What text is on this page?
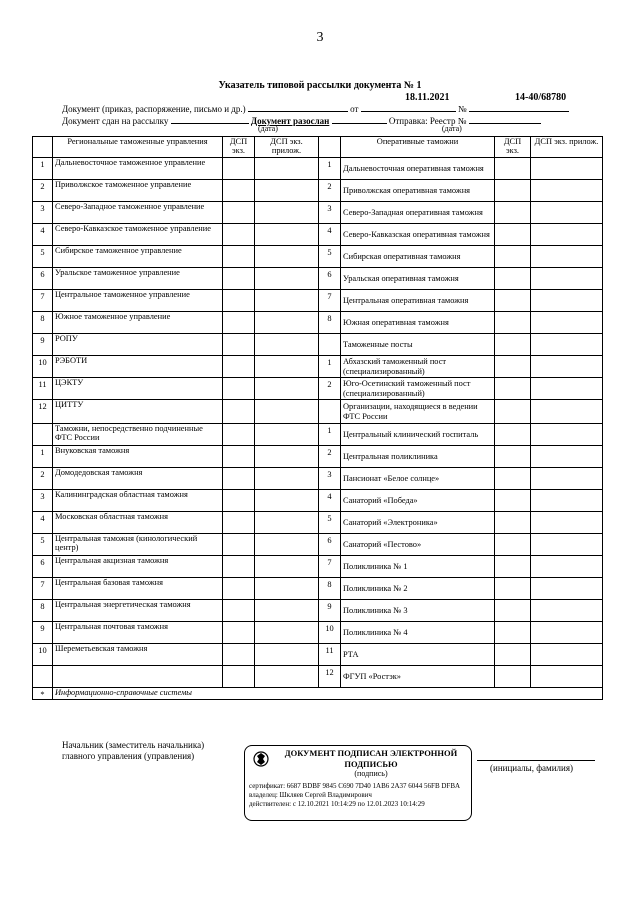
3
Указатель типовой рассылки документа № 1
18.11.2021	14-40/68780
Документ (приказ, распоряжение, письмо и др.)	от	№
Документ сдан на рассылку	Документ разослан	Отправка: Реестр №
(дата)	(дата)
	Региональные таможенные управления	ДСП экз.	ДСП экз. прилож.		Оперативные таможни	ДСП экз.	ДСП экз. прилож.
1	Дальневосточное таможенное управление			1	Дальневосточная оперативная таможня		
2	Приволжское таможенное управление			2	Приволжская оперативная таможня		
3	Северо-Западное таможенное управление			3	Северо-Западная оперативная таможня		
4	Северо-Кавказское таможенное управление			4	Северо-Кавказская оперативная таможня		
5	Сибирское таможенное управление			5	Сибирская оперативная таможня		
6	Уральское таможенное управление			6	Уральская оперативная таможня		
7	Центральное таможенное управление			7	Центральная оперативная таможня		
8	Южное таможенное управление			8	Южная оперативная таможня		
9	РОПУ				Таможенные посты		
10	РЭБОТИ			1	Абхазский таможенный пост (специализированный)		
11	ЦЭКТУ			2	Юго-Осетинский таможенный пост (специализированный)		
12	ЦИТТУ				Организации, находящиеся в ведении ФТС России		
	Таможни, непосредственно подчиненные ФТС России			1	Центральный клинический госпиталь		
1	Внуковская таможня			2	Центральная поликлиника		
2	Домодедовская таможня			3	Пансионат «Белое солнце»		
3	Калининградская областная таможня			4	Санаторий «Победа»		
4	Московская областная таможня			5	Санаторий «Электроника»		
5	Центральная таможня (кинологический центр)			6	Санаторий «Пестово»		
6	Центральная акцизная таможня			7	Поликлиника № 1		
7	Центральная базовая таможня			8	Поликлиника № 2		
8	Центральная энергетическая таможня			9	Поликлиника № 3		
9	Центральная почтовая таможня			10	Поликлиника № 4		
10	Шереметьевская таможня			11	РТА		
				12	ФГУП «Ростэк»		
*	Информационно-справочные системы						
Начальник (заместитель начальника) главного управления (управления)	ДОКУМЕНТ ПОДПИСАН ЭЛЕКТРОННОЙ ПОДПИСЬЮ
(подпись)
сертификат: 6687 BDBF 9845 C690 7D40 1AB6 2A37 6044 56FB DFBA
владелец: Шкляев Сергей Владимирович
действителен: с 12.10.2021 10:14:29 по 12.01.2023 10:14:29
(инициалы, фамилия)
